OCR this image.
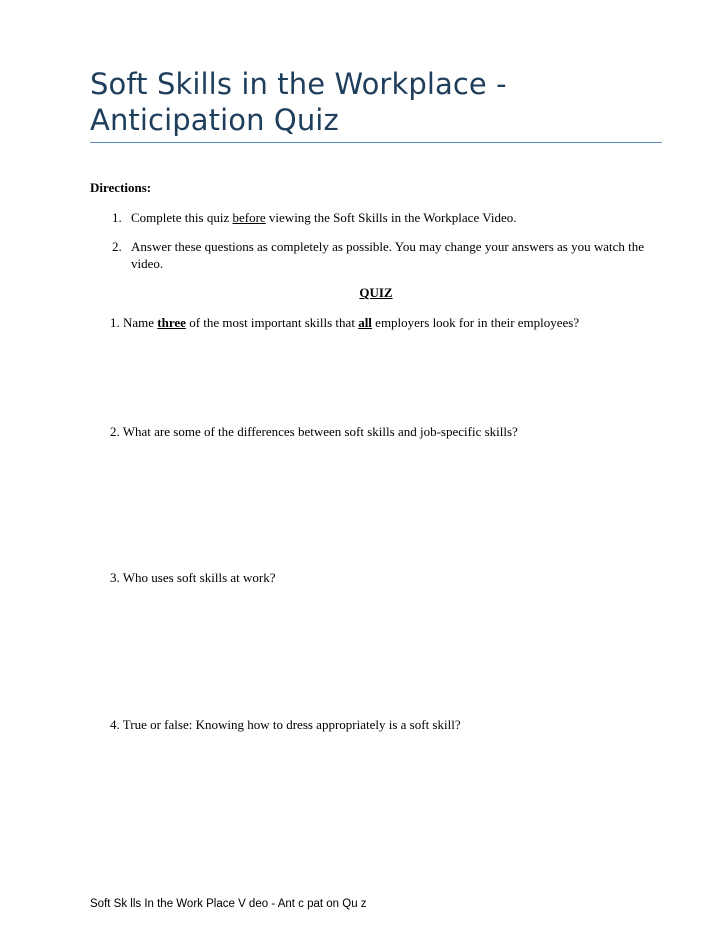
Soft Skills in the Workplace - Anticipation Quiz
Directions:
1. Complete this quiz before viewing the Soft Skills in the Workplace Video.
2. Answer these questions as completely as possible. You may change your answers as you watch the video.
QUIZ
1. Name three of the most important skills that all employers look for in their employees?
2. What are some of the differences between soft skills and job-specific skills?
3. Who uses soft skills at work?
4. True or false: Knowing how to dress appropriately is a soft skill?
Soft Sk lls In the Work Place V deo - Ant c pat on Qu z
